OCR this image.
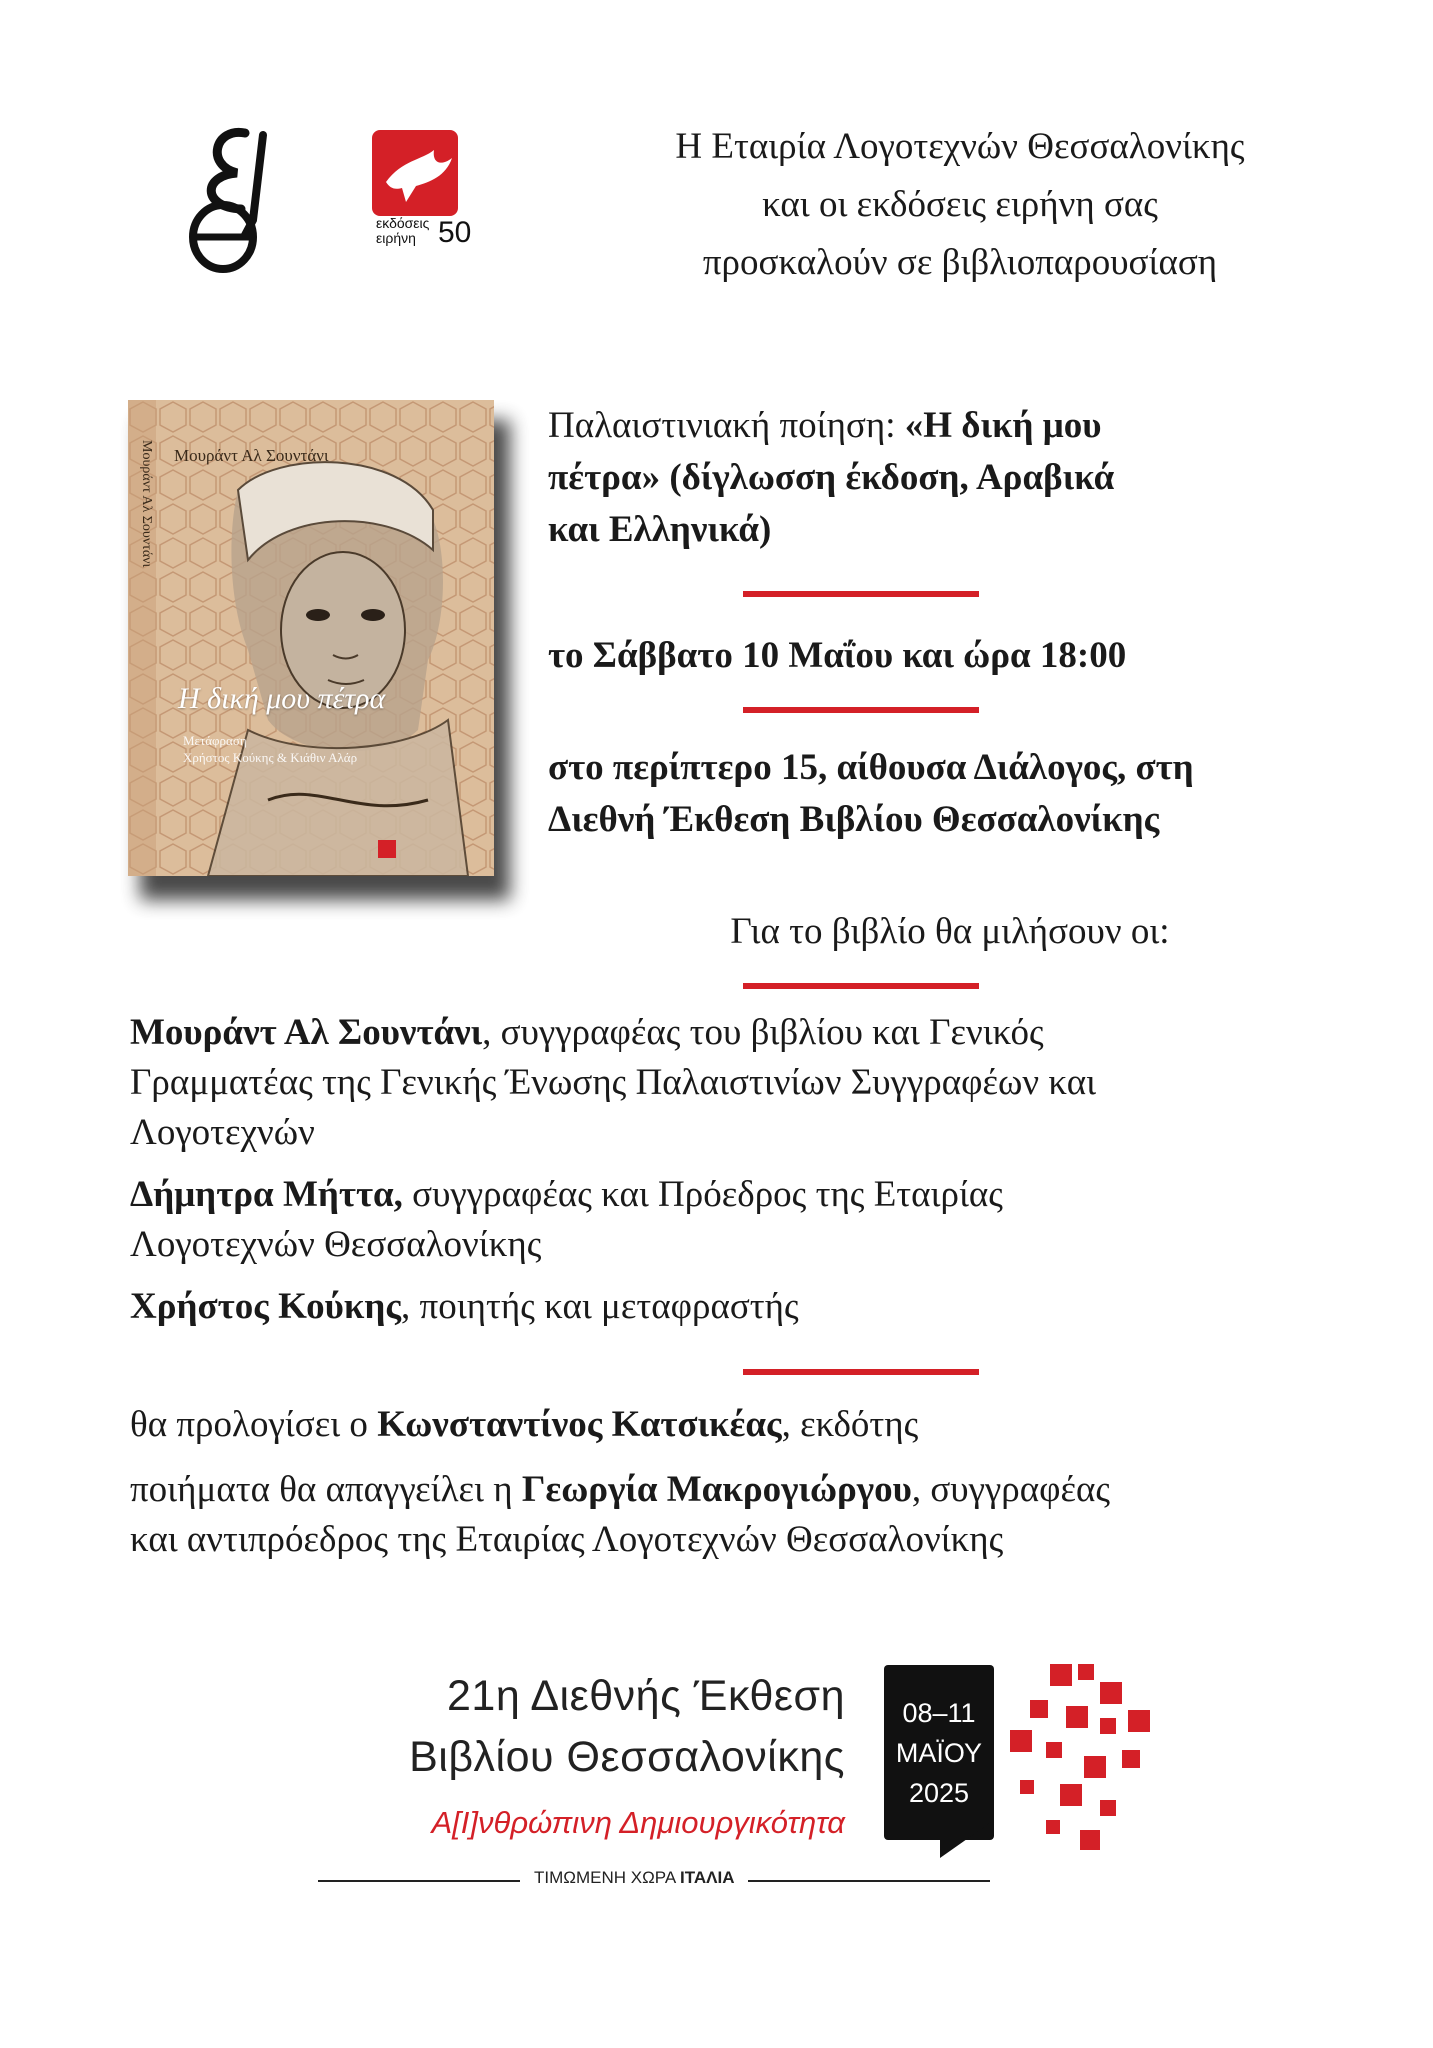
εκδόσεις ειρήνη 50
Η Εταιρία Λογοτεχνών Θεσσαλονίκης
και οι εκδόσεις ειρήνη σας
προσκαλούν σε βιβλιοπαρουσίαση
Μουράντ Αλ Σουντάνι Μουράντ Αλ Σουντάνι
Η δική μου πέτρα
Μετάφραση
Χρήστος Κούκης & Κιάθιν Αλάρ
Παλαιστινιακή ποίηση: «Η δική μου
πέτρα» (δίγλωσση έκδοση, Αραβικά
και Ελληνικά)
το Σάββατο 10 Μαΐου και ώρα 18:00
στο περίπτερο 15, αίθουσα Διάλογος, στη
Διεθνή Έκθεση Βιβλίου Θεσσαλονίκης
Για το βιβλίο θα μιλήσουν οι:
Μουράντ Αλ Σουντάνι, συγγραφέας του βιβλίου και Γενικός
Γραμματέας της Γενικής Ένωσης Παλαιστινίων Συγγραφέων και
Λογοτεχνών
Δήμητρα Μήττα, συγγραφέας και Πρόεδρος της Εταιρίας
Λογοτεχνών Θεσσαλονίκης
Χρήστος Κούκης, ποιητής και μεταφραστής
θα προλογίσει ο Κωνσταντίνος Κατσικέας, εκδότης
ποιήματα θα απαγγείλει η Γεωργία Μακρογιώργου, συγγραφέας
και αντιπρόεδρος της Εταιρίας Λογοτεχνών Θεσσαλονίκης
21η Διεθνής Έκθεση
Βιβλίου Θεσσαλονίκης
Α[Ι]νθρώπινη Δημιουργικότητα
08–11
ΜΑΪΟΥ
2025
ΤΙΜΩΜΕΝΗ ΧΩΡΑ ΙΤΑΛΙΑ
